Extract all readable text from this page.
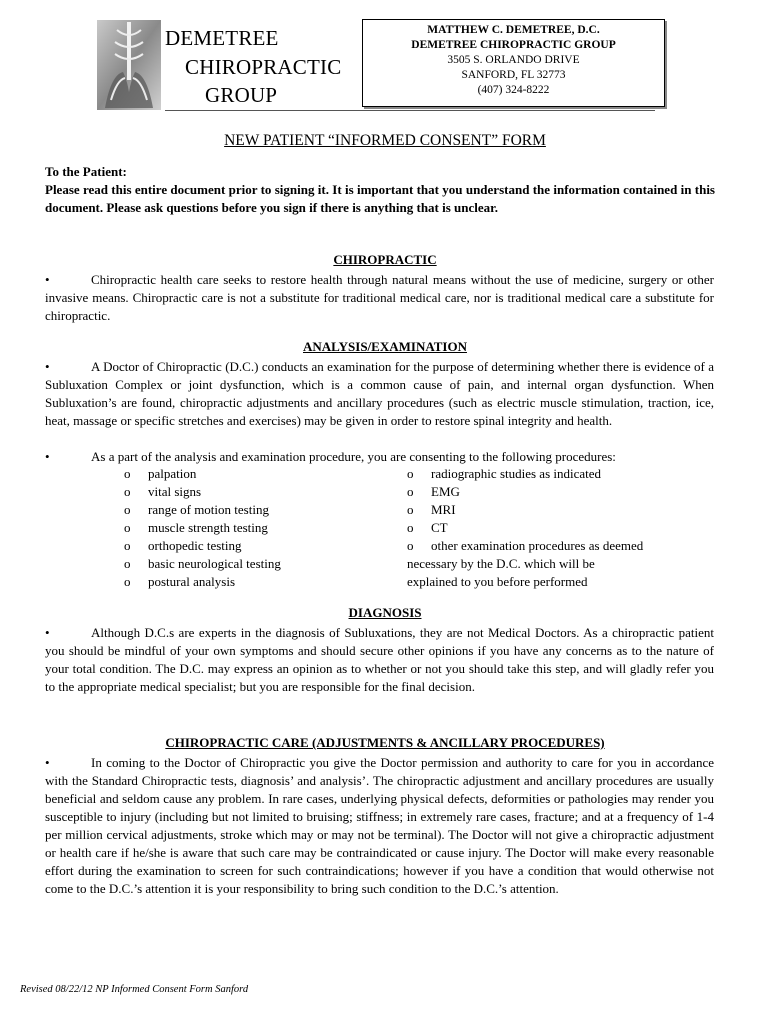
DEMETREE
CHIROPRACTIC
GROUP
MATTHEW C. DEMETREE, D.C.
DEMETREE CHIROPRACTIC GROUP
3505 S. ORLANDO DRIVE
SANFORD, FL 32773
(407) 324-8222
NEW PATIENT “INFORMED CONSENT” FORM
To the Patient:
Please read this entire document prior to signing it. It is important that you understand the information contained in this document. Please ask questions before you sign if there is anything that is unclear.
CHIROPRACTIC
•	Chiropractic health care seeks to restore health through natural means without the use of medicine, surgery or other invasive means. Chiropractic care is not a substitute for traditional medical care, nor is traditional medical care a substitute for chiropractic.
ANALYSIS/EXAMINATION
•	A Doctor of Chiropractic (D.C.) conducts an examination for the purpose of determining whether there is evidence of a Subluxation Complex or joint dysfunction, which is a common cause of pain, and internal organ dysfunction. When Subluxation’s are found, chiropractic adjustments and ancillary procedures (such as electric muscle stimulation, traction, ice, heat, massage or specific stretches and exercises) may be given in order to restore spinal integrity and health.
•	As a part of the analysis and examination procedure, you are consenting to the following procedures:
o palpation
o vital signs
o range of motion testing
o muscle strength testing
o orthopedic testing
o basic neurological testing
o postural analysis
o radiographic studies as indicated
o EMG
o MRI
o CT
o other examination procedures as deemed
necessary by the D.C. which will be
explained to you before performed
DIAGNOSIS
•	Although D.C.s are experts in the diagnosis of Subluxations, they are not Medical Doctors. As a chiropractic patient you should be mindful of your own symptoms and should secure other opinions if you have any concerns as to the nature of your total condition. The D.C. may express an opinion as to whether or not you should take this step, and will gladly refer you to the appropriate medical specialist; but you are responsible for the final decision.
CHIROPRACTIC CARE (ADJUSTMENTS & ANCILLARY PROCEDURES)
•	In coming to the Doctor of Chiropractic you give the Doctor permission and authority to care for you in accordance with the Standard Chiropractic tests, diagnosis’ and analysis’. The chiropractic adjustment and ancillary procedures are usually beneficial and seldom cause any problem. In rare cases, underlying physical defects, deformities or pathologies may render you susceptible to injury (including but not limited to bruising; stiffness; in extremely rare cases, fracture; and at a frequency of 1-4 per million cervical adjustments, stroke which may or may not be terminal). The Doctor will not give a chiropractic adjustment or health care if he/she is aware that such care may be contraindicated or cause injury. The Doctor will make every reasonable effort during the examination to screen for such contraindications; however if you have a condition that would otherwise not come to the D.C.’s attention it is your responsibility to bring such condition to the D.C.’s attention.
Revised 08/22/12 NP Informed Consent Form Sanford
